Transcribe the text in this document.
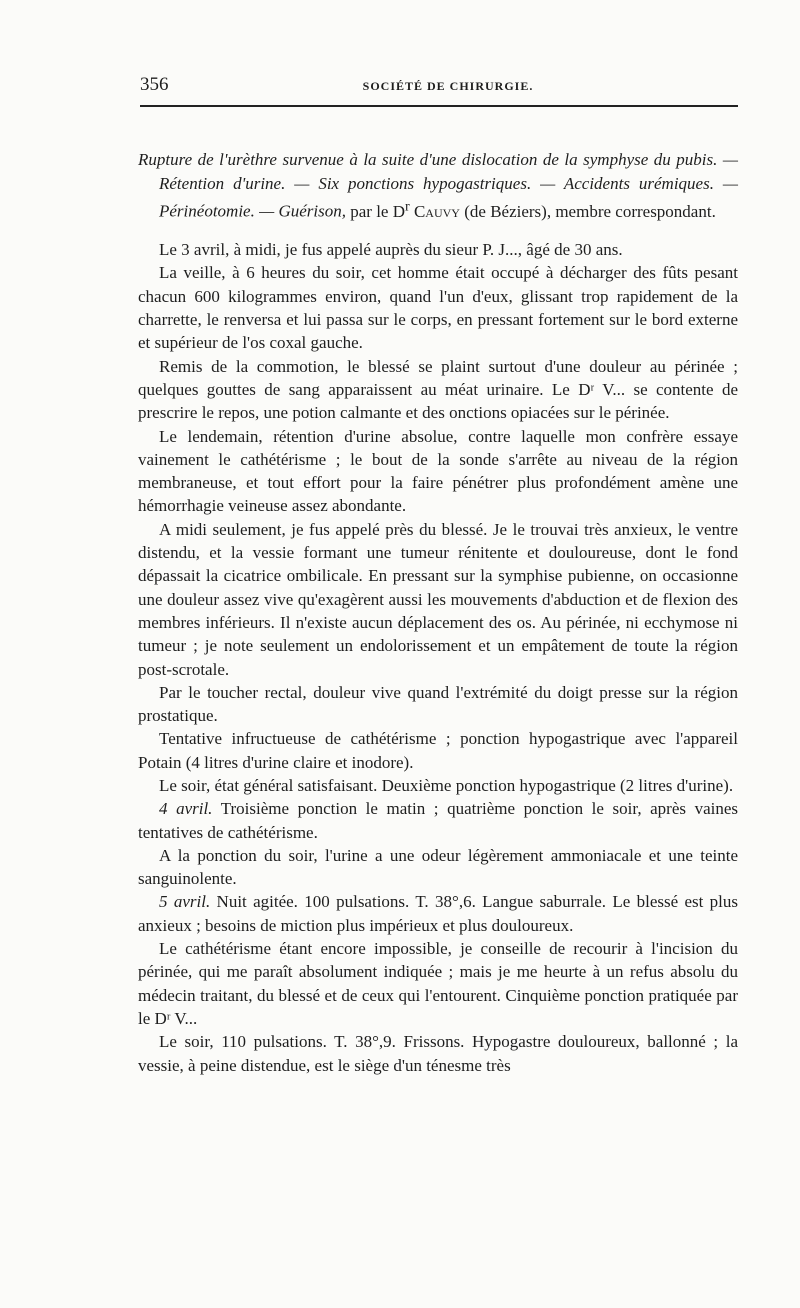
356	SOCIÉTÉ DE CHIRURGIE.
Rupture de l'urèthre survenue à la suite d'une dislocation de la symphyse du pubis. — Rétention d'urine. — Six ponctions hypogastriques. — Accidents urémiques. — Périnéotomie. — Guérison, par le $D^r$ Cauvy (de Béziers), membre correspondant.

Le 3 avril, à midi, je fus appelé auprès du sieur P. J..., âgé de 30 ans.

La veille, à 6 heures du soir, cet homme était occupé à décharger des fûts pesant chacun 600 kilogrammes environ, quand l'un d'eux, glissant trop rapidement de la charrette, le renversa et lui passa sur le corps, en pressant fortement sur le bord externe et supérieur de l'os coxal gauche.

Remis de la commotion, le blessé se plaint surtout d'une douleur au périnée ; quelques gouttes de sang apparaissent au méat urinaire. Le Dʳ V... se contente de prescrire le repos, une potion calmante et des onctions opiacées sur le périnée.

Le lendemain, rétention d'urine absolue, contre laquelle mon confrère essaye vainement le cathétérisme ; le bout de la sonde s'arrête au niveau de la région membraneuse, et tout effort pour la faire pénétrer plus profondément amène une hémorrhagie veineuse assez abondante.

A midi seulement, je fus appelé près du blessé. Je le trouvai très anxieux, le ventre distendu, et la vessie formant une tumeur rénitente et douloureuse, dont le fond dépassait la cicatrice ombilicale. En pressant sur la symphise pubienne, on occasionne une douleur assez vive qu'exagèrent aussi les mouvements d'abduction et de flexion des membres inférieurs. Il n'existe aucun déplacement des os. Au périnée, ni ecchymose ni tumeur ; je note seulement un endolorissement et un empâtement de toute la région post-scrotale.

Par le toucher rectal, douleur vive quand l'extrémité du doigt presse sur la région prostatique.

Tentative infructueuse de cathétérisme ; ponction hypogastrique avec l'appareil Potain (4 litres d'urine claire et inodore).

Le soir, état général satisfaisant. Deuxième ponction hypogastrique (2 litres d'urine).

4 avril. Troisième ponction le matin ; quatrième ponction le soir, après vaines tentatives de cathétérisme.

A la ponction du soir, l'urine a une odeur légèrement ammoniacale et une teinte sanguinolente.

5 avril. Nuit agitée. 100 pulsations. T. 38°,6. Langue saburrale. Le blessé est plus anxieux ; besoins de miction plus impérieux et plus douloureux.

Le cathétérisme étant encore impossible, je conseille de recourir à l'incision du périnée, qui me paraît absolument indiquée ; mais je me heurte à un refus absolu du médecin traitant, du blessé et de ceux qui l'entourent. Cinquième ponction pratiquée par le Dʳ V...

Le soir, 110 pulsations. T. 38°,9. Frissons. Hypogastre douloureux, ballonné ; la vessie, à peine distendue, est le siège d'un ténesme très
